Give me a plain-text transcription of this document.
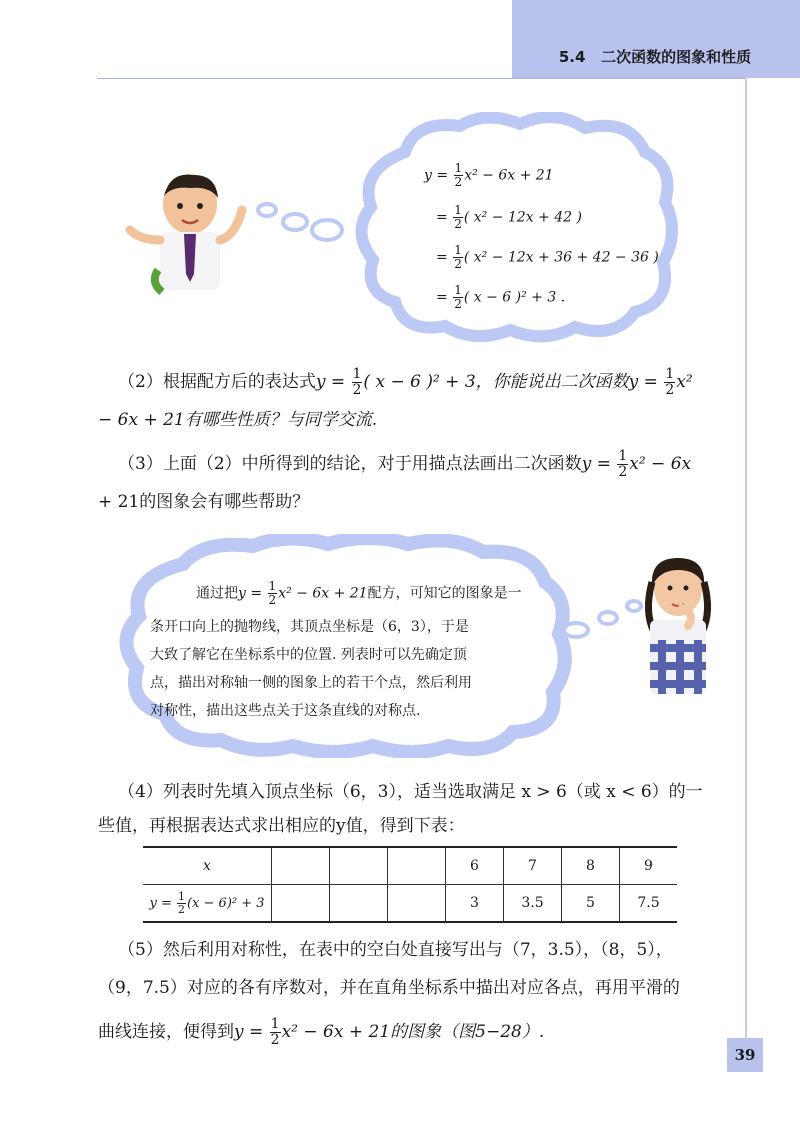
5.4 二次函数的图象和性质
$y = \frac{1}{2} x^2 - 6x + 21$
= $\frac{1}{2}$ ( x² − 12x + 42 )
= $\frac{1}{2}$ ( x² − 12x + 36 + 42 − 36 )
= $\frac{1}{2}$ ( x − 6 )² + 3 .
（2）根据配方后的表达式$y = \frac{1}{2}$ ( x − 6 )² + 3，你能说出二次函数$y = \frac{1}{2} x^2$
− 6x + 21有哪些性质？与同学交流.
（3）上面（2）中所得到的结论，对于用描点法画出二次函数$y = \frac{1}{2} x^2 - 6x$
+ 21的图象会有哪些帮助？
通过把$y = \frac{1}{2} x^2 - 6x + 21$配方，可知它的图象是一
条开口向上的抛物线，其顶点坐标是（6，3），于是
大致了解它在坐标系中的位置. 列表时可以先确定顶
点，描出对称轴一侧的图象上的若干个点，然后利用
对称性，描出这些点关于这条直线的对称点.
（4）列表时先填入顶点坐标（6，3），适当选取满足 x > 6（或 x < 6）的一
些值，再根据表达式求出相应的y值，得到下表：
x				6	7	8	9
$y = \frac{1}{2} (x - 6)^2 + 3$				3	3.5	5	7.5
（5）然后利用对称性，在表中的空白处直接写出与（7，3.5），（8，5），
（9，7.5）对应的各有序数对，并在直角坐标系中描出对应各点，再用平滑的
曲线连接，便得到$y = \frac{1}{2} x^2 - 6x + 21$的图象（图5−28）.
39
